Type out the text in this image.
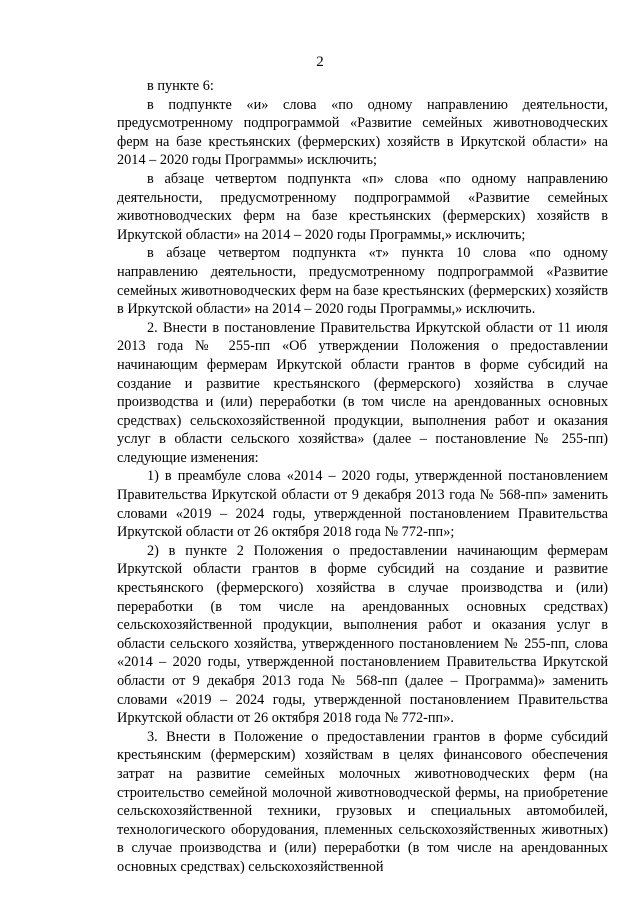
2

в пункте 6:

в подпункте «и» слова «по одному направлению деятельности, предусмотренному подпрограммой «Развитие семейных животноводческих ферм на базе крестьянских (фермерских) хозяйств в Иркутской области» на 2014 – 2020 годы Программы» исключить;

в абзаце четвертом подпункта «п» слова «по одному направлению деятельности, предусмотренному подпрограммой «Развитие семейных животноводческих ферм на базе крестьянских (фермерских) хозяйств в Иркутской области» на 2014 – 2020 годы Программы,» исключить;

в абзаце четвертом подпункта «т» пункта 10 слова «по одному направлению деятельности, предусмотренному подпрограммой «Развитие семейных животноводческих ферм на базе крестьянских (фермерских) хозяйств в Иркутской области» на 2014 – 2020 годы Программы,» исключить.

2. Внести в постановление Правительства Иркутской области от 11 июля 2013 года № 255-пп «Об утверждении Положения о предоставлении начинающим фермерам Иркутской области грантов в форме субсидий на создание и развитие крестьянского (фермерского) хозяйства в случае производства и (или) переработки (в том числе на арендованных основных средствах) сельскохозяйственной продукции, выполнения работ и оказания услуг в области сельского хозяйства» (далее – постановление № 255-пп) следующие изменения:

1) в преамбуле слова «2014 – 2020 годы, утвержденной постановлением Правительства Иркутской области от 9 декабря 2013 года № 568-пп» заменить словами «2019 – 2024 годы, утвержденной постановлением Правительства Иркутской области от 26 октября 2018 года № 772-пп»;

2) в пункте 2 Положения о предоставлении начинающим фермерам Иркутской области грантов в форме субсидий на создание и развитие крестьянского (фермерского) хозяйства в случае производства и (или) переработки (в том числе на арендованных основных средствах) сельскохозяйственной продукции, выполнения работ и оказания услуг в области сельского хозяйства, утвержденного постановлением № 255-пп, слова «2014 – 2020 годы, утвержденной постановлением Правительства Иркутской области от 9 декабря 2013 года № 568-пп (далее – Программа)» заменить словами «2019 – 2024 годы, утвержденной постановлением Правительства Иркутской области от 26 октября 2018 года № 772-пп».

3. Внести в Положение о предоставлении грантов в форме субсидий крестьянским (фермерским) хозяйствам в целях финансового обеспечения затрат на развитие семейных молочных животноводческих ферм (на строительство семейной молочной животноводческой фермы, на приобретение сельскохозяйственной техники, грузовых и специальных автомобилей, технологического оборудования, племенных сельскохозяйственных животных) в случае производства и (или) переработки (в том числе на арендованных основных средствах) сельскохозяйственной
